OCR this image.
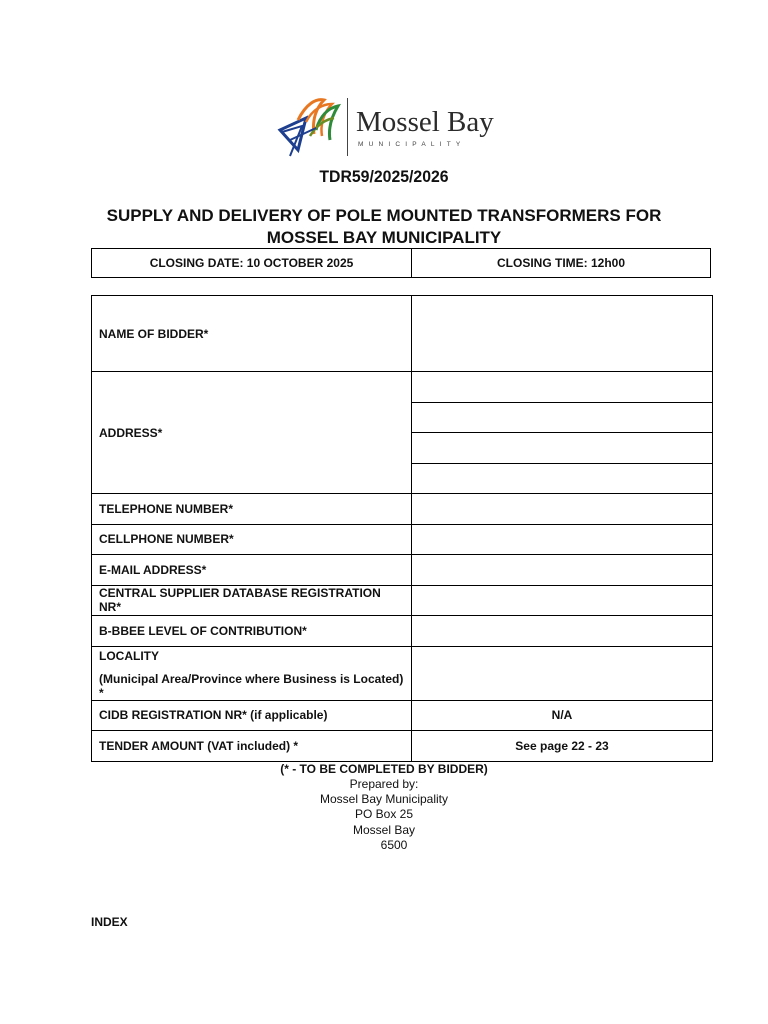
Mossel Bay
MUNICIPALITY
TDR59/2025/2026
SUPPLY AND DELIVERY OF POLE MOUNTED TRANSFORMERS FOR
MOSSEL BAY MUNICIPALITY
CLOSING DATE: 10 OCTOBER 2025	CLOSING TIME: 12h00
NAME OF BIDDER*	
ADDRESS*	

TELEPHONE NUMBER*	
CELLPHONE NUMBER*	
E-MAIL ADDRESS*	
CENTRAL SUPPLIER DATABASE REGISTRATION NR*	
B-BBEE LEVEL OF CONTRIBUTION*	

LOCALITY
(Municipal Area/Province where Business is Located) *	

CIDB REGISTRATION NR* (if applicable)	N/A
TENDER AMOUNT (VAT included) *	See page 22 - 23
(* - TO BE COMPLETED BY BIDDER)
Prepared by:
Mossel Bay Municipality
PO Box 25
Mossel Bay
6500
INDEX
